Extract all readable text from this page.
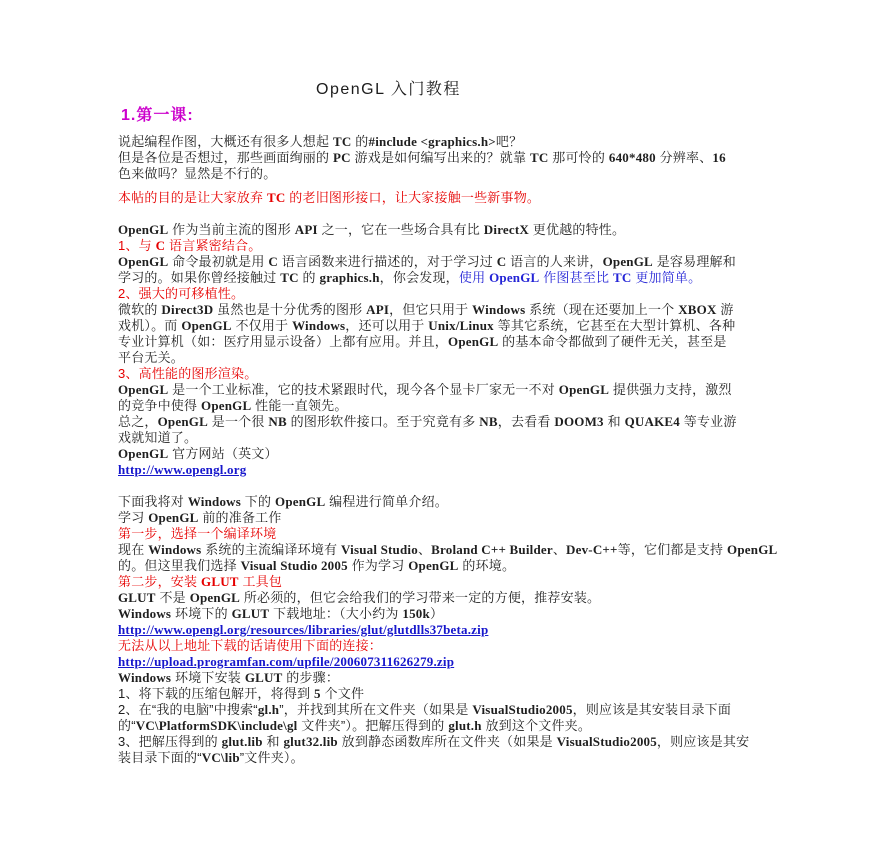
OpenGL 入门教程
1.第一课:
说起编程作图，大概还有很多人想起 TC 的#include <graphics.h>吧？
但是各位是否想过，那些画面绚丽的 PC 游戏是如何编写出来的？就靠 TC 那可怜的 640*480 分辨率、16
色来做吗？显然是不行的。
本帖的目的是让大家放弃 TC 的老旧图形接口，让大家接触一些新事物。
OpenGL 作为当前主流的图形 API 之一，它在一些场合具有比 DirectX 更优越的特性。
1、与 C 语言紧密结合。
OpenGL 命令最初就是用 C 语言函数来进行描述的，对于学习过 C 语言的人来讲，OpenGL 是容易理解和
学习的。如果你曾经接触过 TC 的 graphics.h，你会发现，使用 OpenGL 作图甚至比 TC 更加简单。
2、强大的可移植性。
微软的 Direct3D 虽然也是十分优秀的图形 API，但它只用于 Windows 系统（现在还要加上一个 XBOX 游
戏机）。而 OpenGL 不仅用于 Windows，还可以用于 Unix/Linux 等其它系统，它甚至在大型计算机、各种
专业计算机（如：医疗用显示设备）上都有应用。并且，OpenGL 的基本命令都做到了硬件无关，甚至是
平台无关。
3、高性能的图形渲染。
OpenGL 是一个工业标准，它的技术紧跟时代，现今各个显卡厂家无一不对 OpenGL 提供强力支持，激烈
的竞争中使得 OpenGL 性能一直领先。
总之，OpenGL 是一个很 NB 的图形软件接口。至于究竟有多 NB，去看看 DOOM3 和 QUAKE4 等专业游
戏就知道了。
OpenGL 官方网站（英文）
http://www.opengl.org
下面我将对 Windows 下的 OpenGL 编程进行简单介绍。
学习 OpenGL 前的准备工作
第一步，选择一个编译环境
现在 Windows 系统的主流编译环境有 Visual Studio、Broland C++ Builder、Dev-C++等，它们都是支持 OpenGL
的。但这里我们选择 Visual Studio 2005 作为学习 OpenGL 的环境。
第二步，安装 GLUT 工具包
GLUT 不是 OpenGL 所必须的，但它会给我们的学习带来一定的方便，推荐安装。
Windows 环境下的 GLUT 下载地址：（大小约为 150k）
http://www.opengl.org/resources/libraries/glut/glutdlls37beta.zip
无法从以上地址下载的话请使用下面的连接：
http://upload.programfan.com/upfile/200607311626279.zip
Windows 环境下安装 GLUT 的步骤：
1、将下载的压缩包解开，将得到 5 个文件
2、在“我的电脑”中搜索“gl.h”，并找到其所在文件夹（如果是 VisualStudio2005，则应该是其安装目录下面
的“VC\PlatformSDK\include\gl 文件夹”）。把解压得到的 glut.h 放到这个文件夹。
3、把解压得到的 glut.lib 和 glut32.lib 放到静态函数库所在文件夹（如果是 VisualStudio2005，则应该是其安
装目录下面的“VC\lib”文件夹）。
